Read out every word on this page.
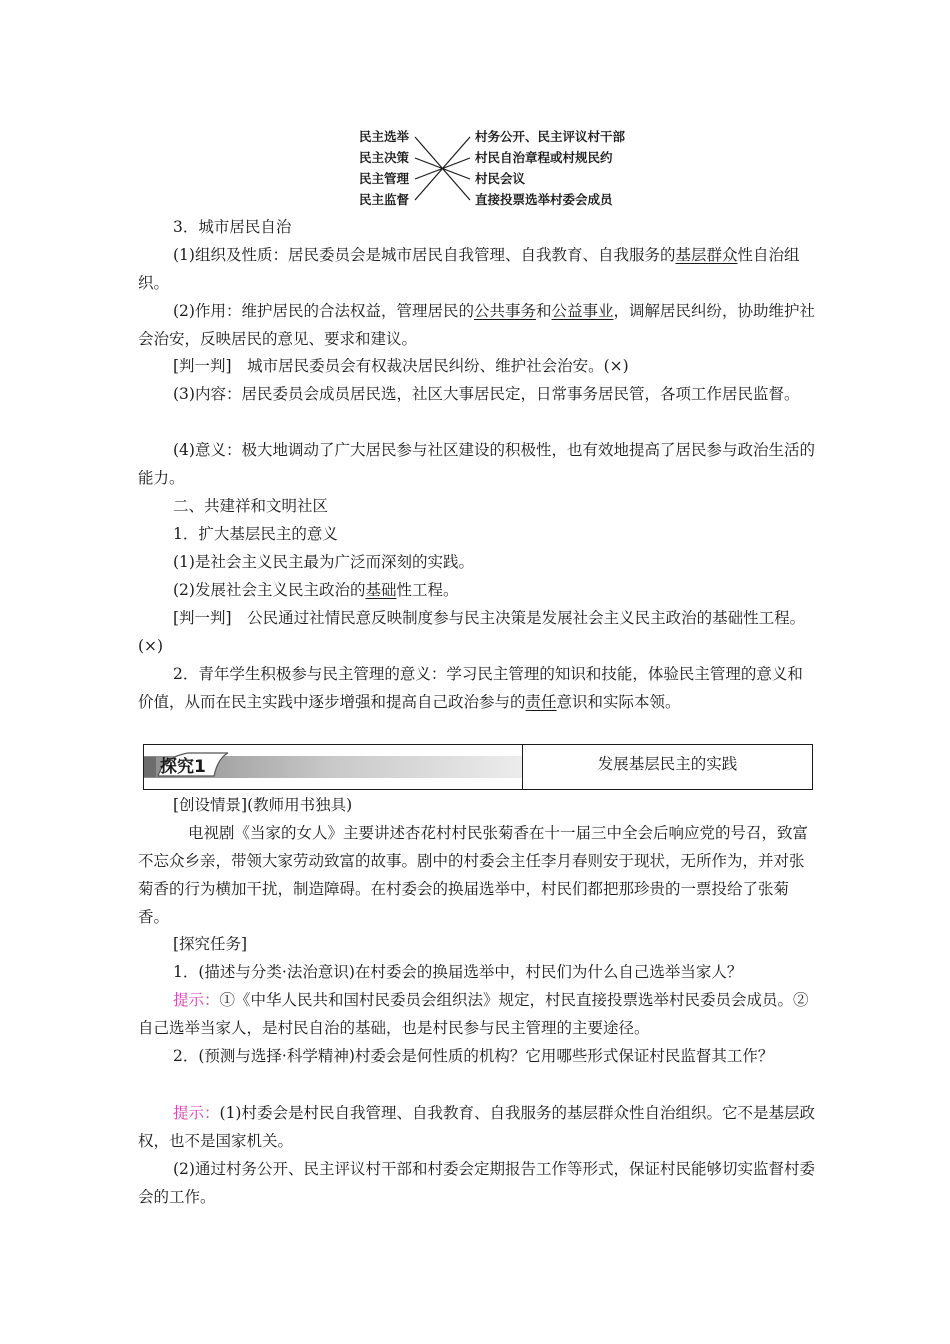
民主选举
民主决策
民主管理
民主监督
村务公开、民主评议村干部
村民自治章程或村规民约
村民会议
直接投票选举村委会成员

3．城市居民自治

(1)组织及性质：居民委员会是城市居民自我管理、自我教育、自我服务的基层群众性自治组织。

(2)作用：维护居民的合法权益，管理居民的公共事务和公益事业，调解居民纠纷，协助维护社会治安，反映居民的意见、要求和建议。

[判一判]　城市居民委员会有权裁决居民纠纷、维护社会治安。(×)

(3)内容：居民委员会成员居民选，社区大事居民定，日常事务居民管，各项工作居民监督。

(4)意义：极大地调动了广大居民参与社区建设的积极性，也有效地提高了居民参与政治生活的能力。

二、共建祥和文明社区

1．扩大基层民主的意义

(1)是社会主义民主最为广泛而深刻的实践。

(2)发展社会主义民主政治的基础性工程。

[判一判]　公民通过社情民意反映制度参与民主决策是发展社会主义民主政治的基础性工程。(×)

2．青年学生积极参与民主管理的意义：学习民主管理的知识和技能，体验民主管理的意义和价值，从而在民主实践中逐步增强和提高自己政治参与的责任意识和实际本领。

探究1	发展基层民主的实践

[创设情景](教师用书独具)

电视剧《当家的女人》主要讲述杏花村村民张菊香在十一届三中全会后响应党的号召，致富不忘众乡亲，带领大家劳动致富的故事。剧中的村委会主任李月春则安于现状，无所作为，并对张菊香的行为横加干扰，制造障碍。在村委会的换届选举中，村民们都把那珍贵的一票投给了张菊香。

[探究任务]

1．(描述与分类·法治意识)在村委会的换届选举中，村民们为什么自己选举当家人？

提示：①《中华人民共和国村民委员会组织法》规定，村民直接投票选举村民委员会成员。②自己选举当家人，是村民自治的基础，也是村民参与民主管理的主要途径。

2．(预测与选择·科学精神)村委会是何性质的机构？它用哪些形式保证村民监督其工作？

提示：(1)村委会是村民自我管理、自我教育、自我服务的基层群众性自治组织。它不是基层政权，也不是国家机关。

(2)通过村务公开、民主评议村干部和村委会定期报告工作等形式，保证村民能够切实监督村委会的工作。
